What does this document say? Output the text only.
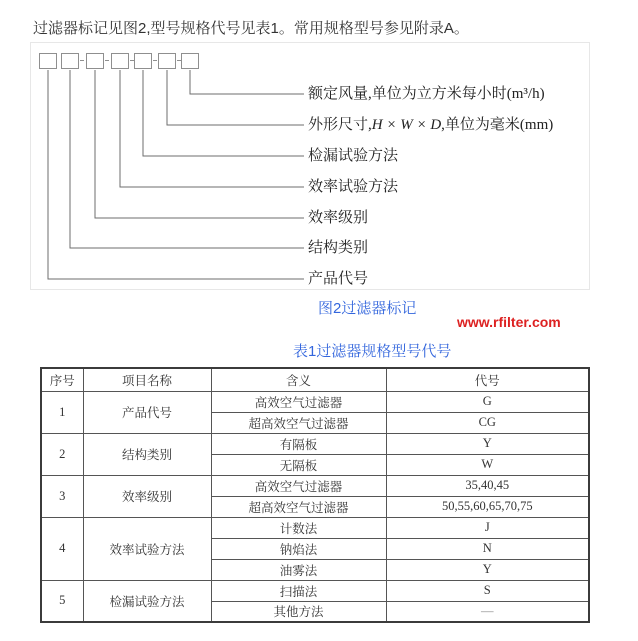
过滤器标记见图2,型号规格代号见表1。常用规格型号参见附录A。
额定风量,单位为立方米每小时(m³/h)
外形尺寸,H × W × D,单位为毫米(mm)
检漏试验方法
效率试验方法
效率级别
结构类别
产品代号
图2过滤器标记
www.rfilter.com
表1过滤器规格型号代号
序号	项目名称	含义	代号
1	产品代号	高效空气过滤器	G
		超高效空气过滤器	CG
2	结构类别	有隔板	Y
		无隔板	W
3	效率级别	高效空气过滤器	35,40,45
		超高效空气过滤器	50,55,60,65,70,75
4	效率试验方法	计数法	J
		钠焰法	N
		油雾法	Y
5	检漏试验方法	扫描法	S
		其他方法	—
